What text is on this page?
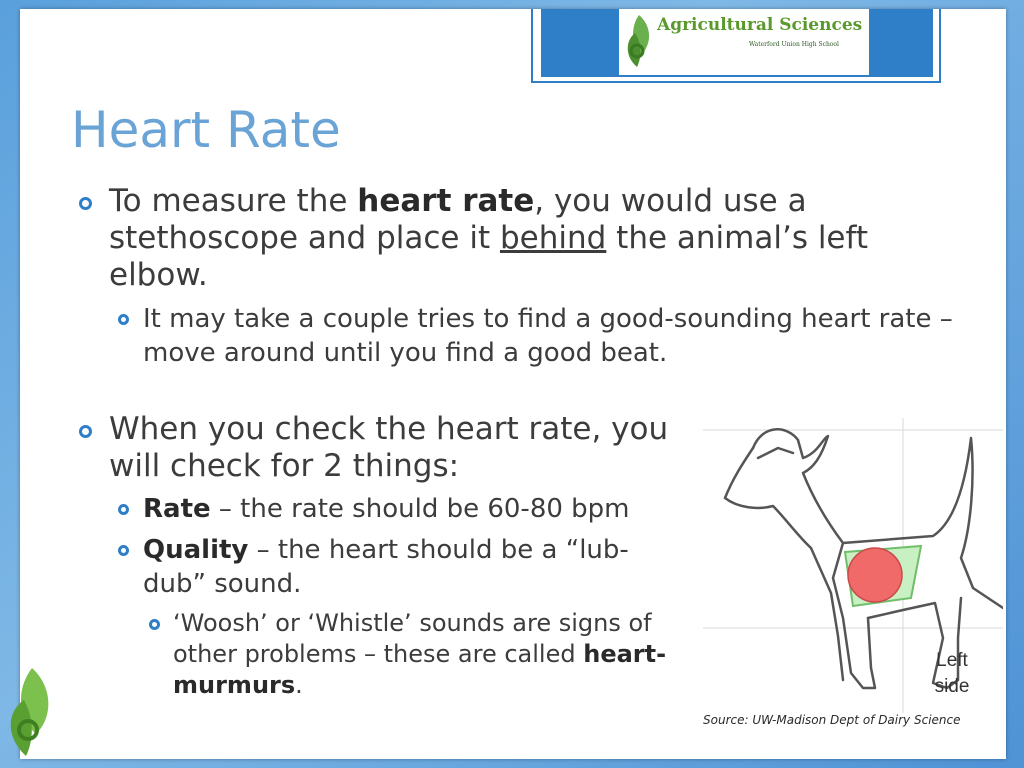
Agricultural Sciences
Waterford Union High School
Heart Rate
To measure the heart rate, you would use a stethoscope and place it behind the animal’s left elbow.
It may take a couple tries to find a good-sounding heart rate – move around until you find a good beat.
When you check the heart rate, you will check for 2 things:
Rate – the rate should be 60-80 bpm
Quality – the heart should be a “lub-dub” sound.
‘Woosh’ or ‘Whistle’ sounds are signs of other problems – these are called heart-murmurs.
Left side
Source: UW-Madison Dept of Dairy Science
